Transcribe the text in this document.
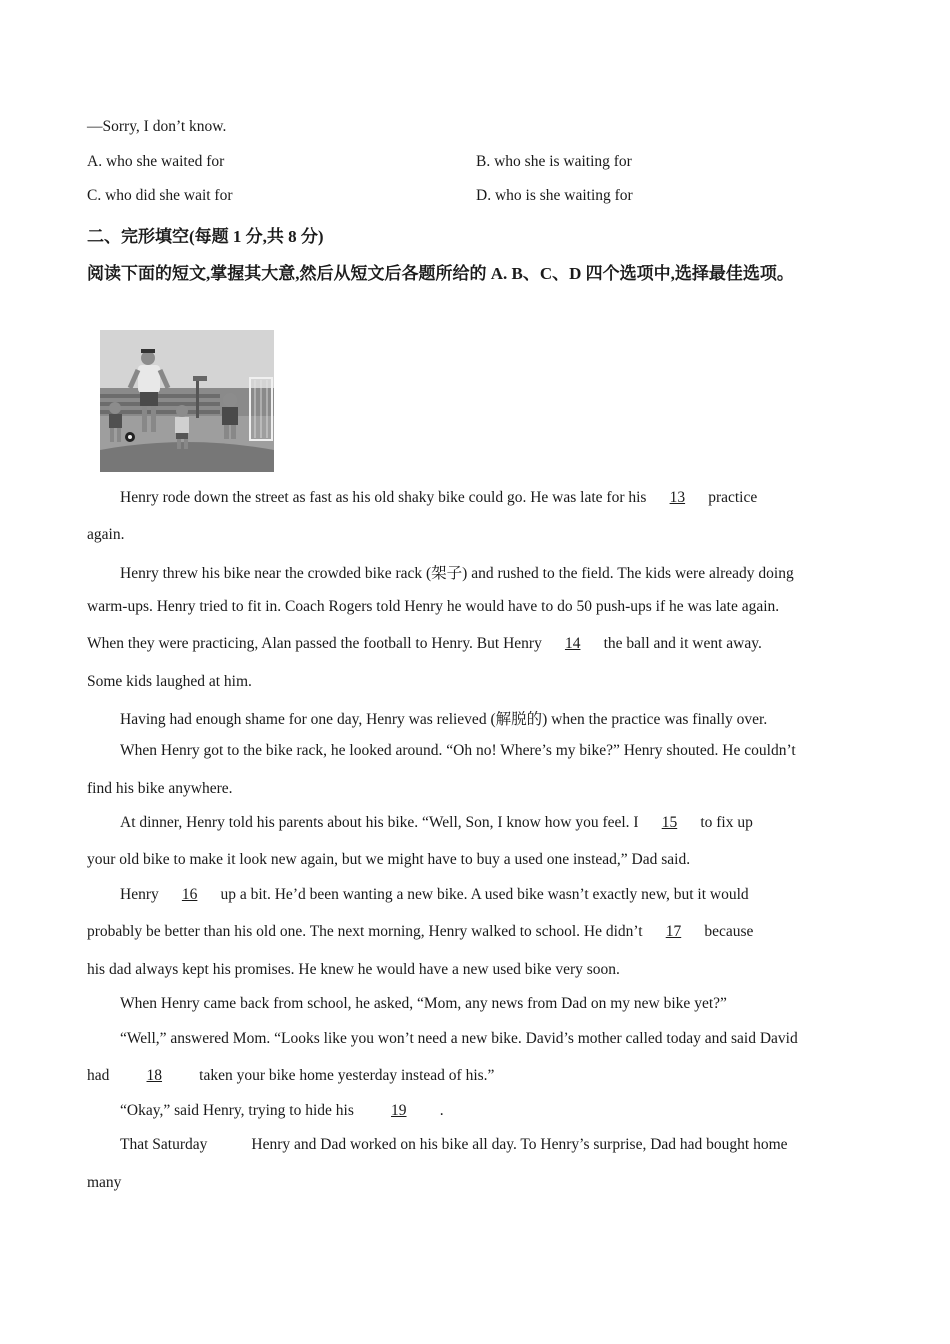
—Sorry, I don’t know.
A. who she waited for	B. who she is waiting for
C. who did she wait for	D. who is she waiting for
二、完形填空(每题 1 分,共 8 分)
阅读下面的短文,掌握其大意,然后从短文后各题所给的 A. B、C、D 四个选项中,选择最佳选项。
Henry rode down the street as fast as his old shaky bike could go. He was late for his 13 practice
again.
Henry threw his bike near the crowded bike rack (架子) and rushed to the field. The kids were already doing
warm-ups. Henry tried to fit in. Coach Rogers told Henry he would have to do 50 push-ups if he was late again.
When they were practicing, Alan passed the football to Henry. But Henry 14 the ball and it went away.
Some kids laughed at him.
Having had enough shame for one day, Henry was relieved (解脱的) when the practice was finally over.
When Henry got to the bike rack, he looked around. “Oh no! Where’s my bike?” Henry shouted. He couldn’t
find his bike anywhere.
At dinner, Henry told his parents about his bike. “Well, Son, I know how you feel. I 15 to fix up
your old bike to make it look new again, but we might have to buy a used one instead,” Dad said.
Henry 16 up a bit. He’d been wanting a new bike. A used bike wasn’t exactly new, but it would
probably be better than his old one. The next morning, Henry walked to school. He didn’t 17 because
his dad always kept his promises. He knew he would have a new used bike very soon.
When Henry came back from school, he asked, “Mom, any news from Dad on my new bike yet?”
“Well,” answered Mom. “Looks like you won’t need a new bike. David’s mother called today and said David
had 18 taken your bike home yesterday instead of his.”
“Okay,” said Henry, trying to hide his 19 .
That Saturday	Henry and Dad worked on his bike all day. To Henry’s surprise, Dad had bought home
many
